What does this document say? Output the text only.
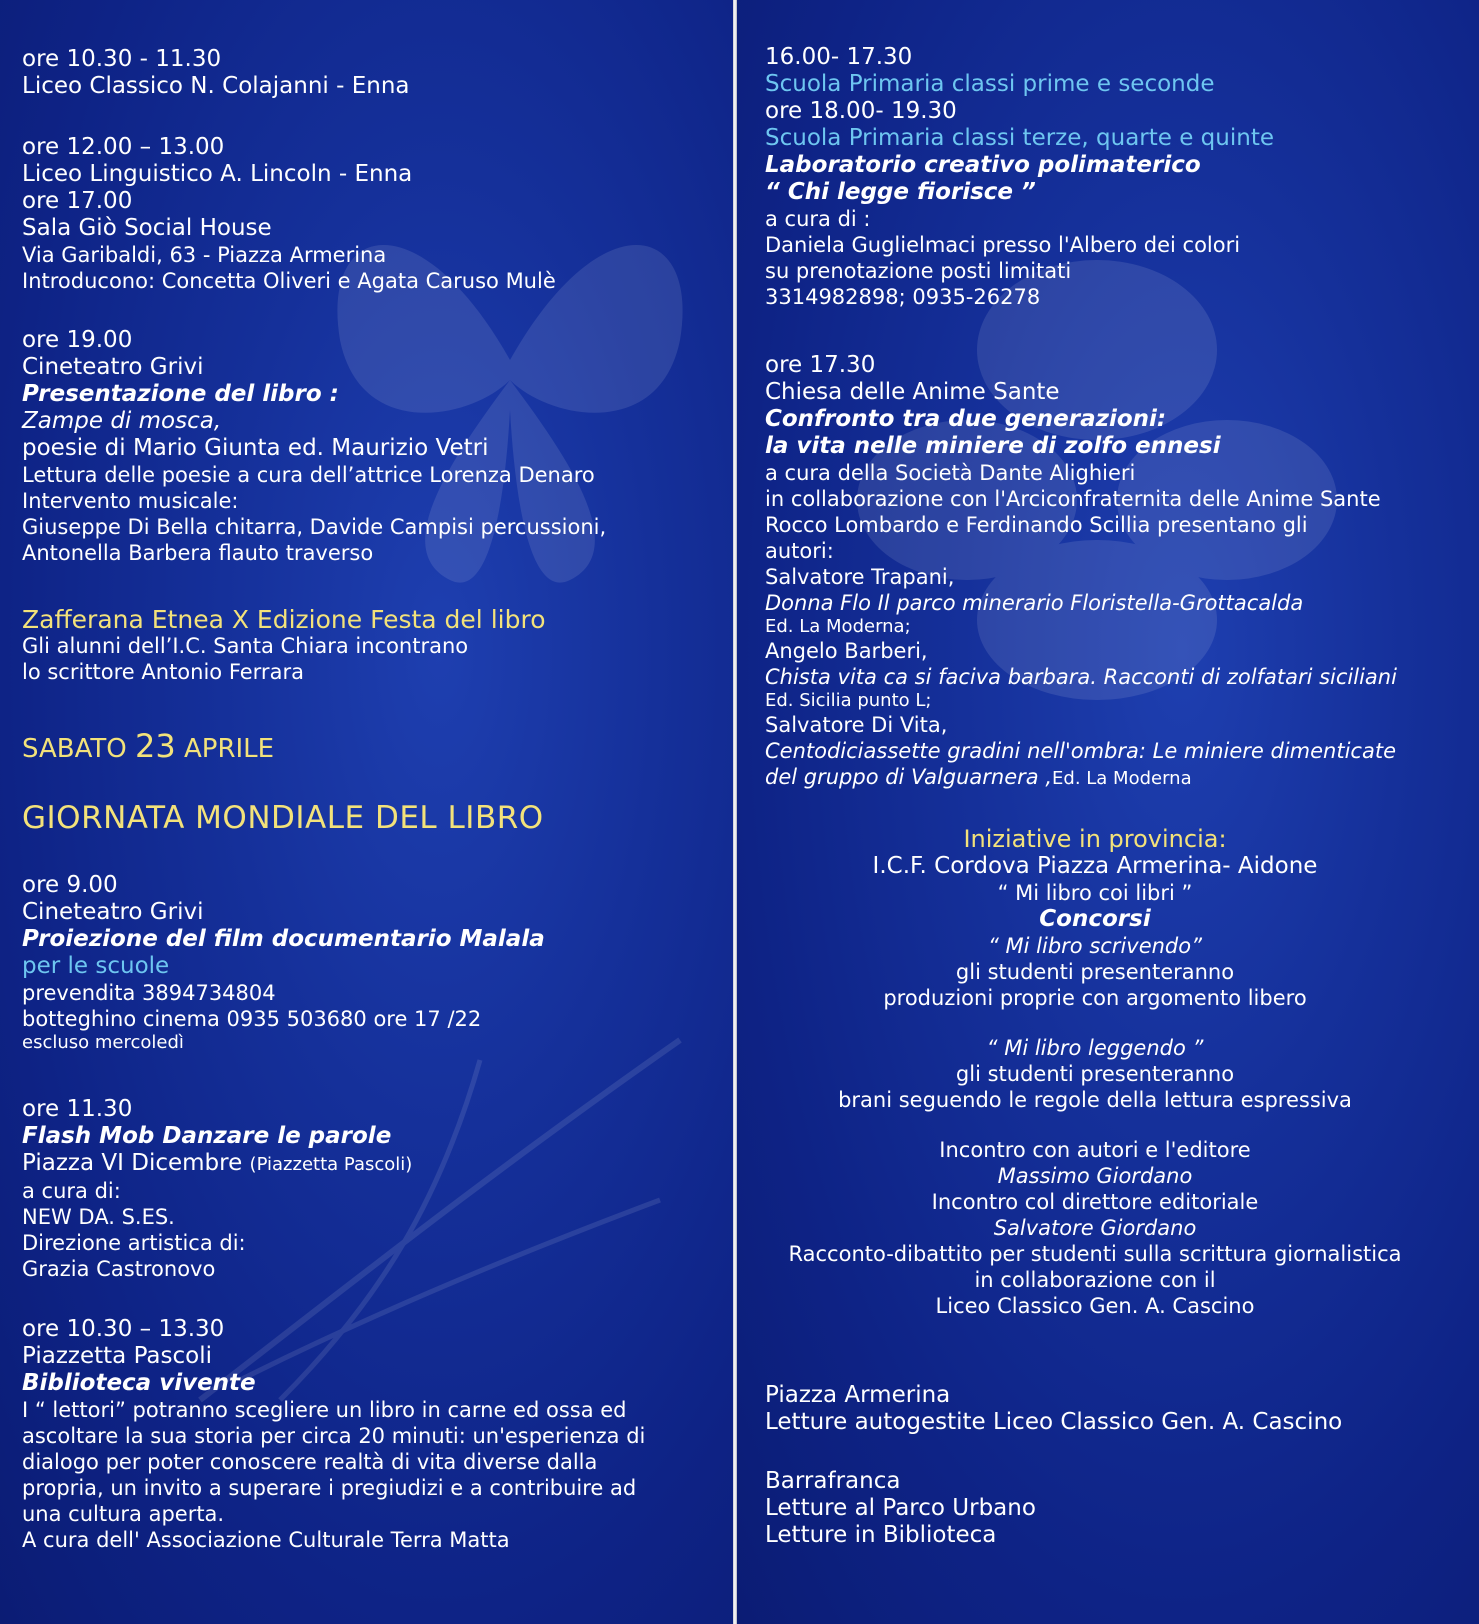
ore 10.30 - 11.30
Liceo Classico N. Colajanni - Enna
ore 12.00 – 13.00
Liceo Linguistico A. Lincoln - Enna
ore 17.00
Sala Giò Social House
Via Garibaldi, 63 - Piazza Armerina
Introducono: Concetta Oliveri e Agata Caruso Mulè
ore 19.00
Cineteatro Grivi
Presentazione del libro :
Zampe di mosca,
poesie di Mario Giunta ed. Maurizio Vetri
Lettura delle poesie a cura dell’attrice Lorenza Denaro
Intervento musicale:
Giuseppe Di Bella chitarra, Davide Campisi percussioni,
Antonella Barbera flauto traverso
Zafferana Etnea X Edizione Festa del libro
Gli alunni dell’I.C. Santa Chiara incontrano
lo scrittore Antonio Ferrara
SABATO 23 APRILE
GIORNATA MONDIALE DEL LIBRO
ore 9.00
Cineteatro Grivi
Proiezione del film documentario Malala
per le scuole
prevendita 3894734804
botteghino cinema 0935 503680 ore 17 /22
escluso mercoledì
ore 11.30
Flash Mob Danzare le parole
Piazza VI Dicembre (Piazzetta Pascoli)
a cura di:
NEW DA. S.ES.
Direzione artistica di:
Grazia Castronovo
ore 10.30 – 13.30
Piazzetta Pascoli
Biblioteca vivente
I “ lettori” potranno scegliere un libro in carne ed ossa ed
ascoltare la sua storia per circa 20 minuti: un'esperienza di
dialogo per poter conoscere realtà di vita diverse dalla
propria, un invito a superare i pregiudizi e a contribuire ad
una cultura aperta.
A cura dell' Associazione Culturale Terra Matta
16.00- 17.30
Scuola Primaria classi prime e seconde
ore 18.00- 19.30
Scuola Primaria classi terze, quarte e quinte
Laboratorio creativo polimaterico
“ Chi legge fiorisce ”
a cura di :
Daniela Guglielmaci presso l'Albero dei colori
su prenotazione posti limitati
3314982898; 0935-26278
ore 17.30
Chiesa delle Anime Sante
Confronto tra due generazioni:
la vita nelle miniere di zolfo ennesi
a cura della Società Dante Alighieri
in collaborazione con l'Arciconfraternita delle Anime Sante
Rocco Lombardo e Ferdinando Scillia presentano gli
autori:
Salvatore Trapani,
Donna Flo Il parco minerario Floristella-Grottacalda
Ed. La Moderna;
Angelo Barberi,
Chista vita ca si faciva barbara. Racconti di zolfatari siciliani
Ed. Sicilia punto L;
Salvatore Di Vita,
Centodiciassette gradini nell'ombra: Le miniere dimenticate
del gruppo di Valguarnera ,Ed. La Moderna
Iniziative in provincia:
I.C.F. Cordova Piazza Armerina- Aidone
“ Mi libro coi libri ”
Concorsi
“ Mi libro scrivendo”
gli studenti presenteranno
produzioni proprie con argomento libero
“ Mi libro leggendo ”
gli studenti presenteranno
brani seguendo le regole della lettura espressiva
Incontro con autori e l'editore
Massimo Giordano
Incontro col direttore editoriale
Salvatore Giordano
Racconto-dibattito per studenti sulla scrittura giornalistica
in collaborazione con il
Liceo Classico Gen. A. Cascino
Piazza Armerina
Letture autogestite Liceo Classico Gen. A. Cascino
Barrafranca
Letture al Parco Urbano
Letture in Biblioteca
